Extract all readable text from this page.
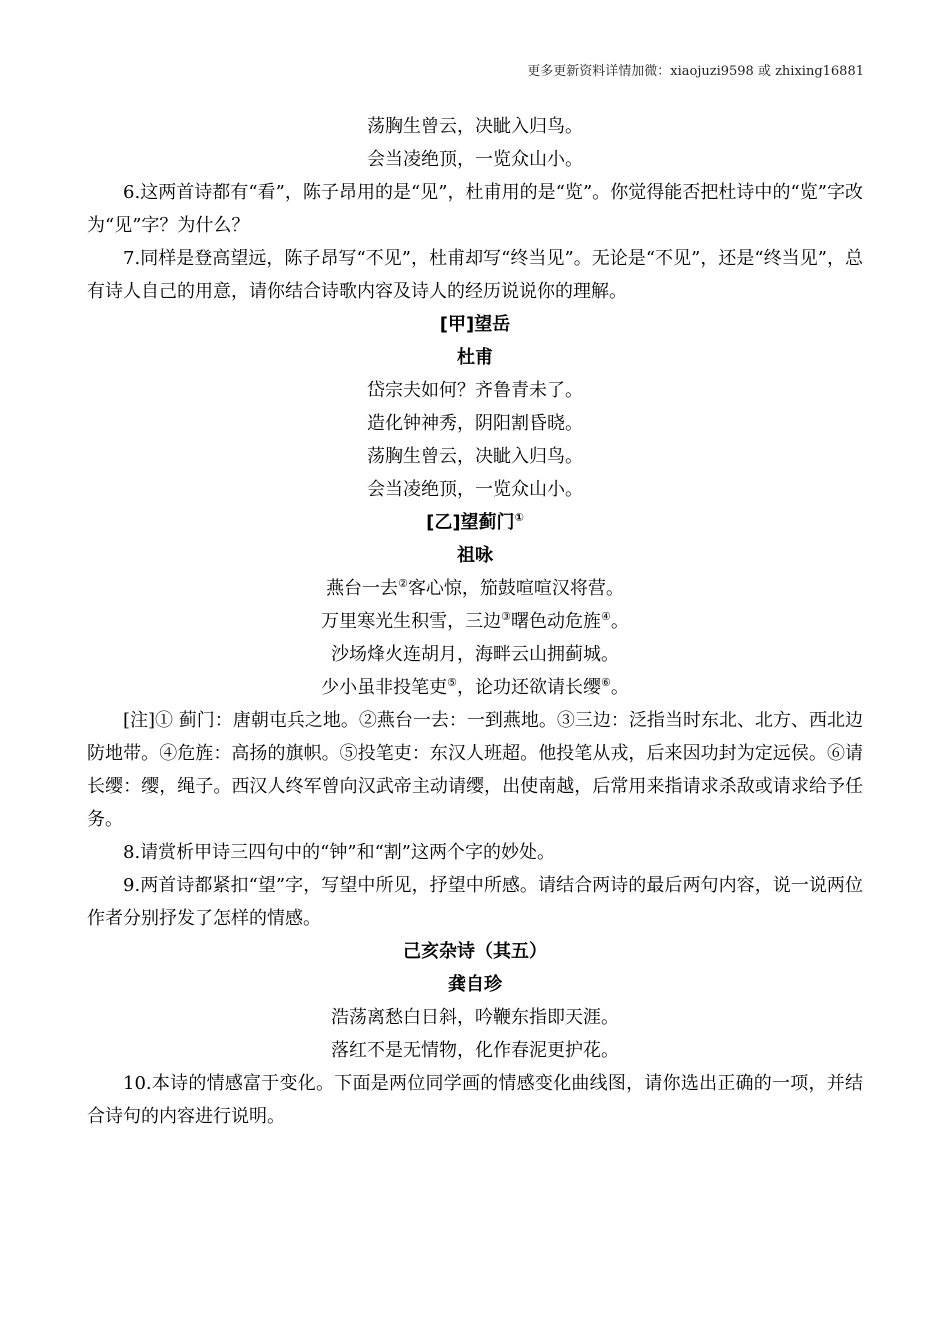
更多更新资料详情加微：xiaojuzi9598 或 zhixing16881
荡胸生曾云，决眦入归鸟。
会当凌绝顶，一览众山小。
6.这两首诗都有“看”，陈子昂用的是“见”，杜甫用的是“览”。你觉得能否把杜诗中的“览”字改为“见”字？为什么？
7.同样是登高望远，陈子昂写“不见”，杜甫却写“终当见”。无论是“不见”，还是“终当见”，总有诗人自己的用意，请你结合诗歌内容及诗人的经历说说你的理解。
[甲]望岳
杜甫
岱宗夫如何？齐鲁青未了。
造化钟神秀，阴阳割昏晓。
荡胸生曾云，决眦入归鸟。
会当凌绝顶，一览众山小。
[乙]望蓟门①
祖咏
燕台一去②客心惊，笳鼓喧喧汉将营。
万里寒光生积雪，三边③曙色动危旌④。
沙场烽火连胡月，海畔云山拥蓟城。
少小虽非投笔吏⑤，论功还欲请长缨⑥。
[注]① 蓟门：唐朝屯兵之地。②燕台一去：一到燕地。③三边：泛指当时东北、北方、西北边防地带。④危旌：高扬的旗帜。⑤投笔吏：东汉人班超。他投笔从戎，后来因功封为定远侯。⑥请长缨：缨，绳子。西汉人终军曾向汉武帝主动请缨，出使南越，后常用来指请求杀敌或请求给予任务。
8.请赏析甲诗三四句中的“钟”和“割”这两个字的妙处。
9.两首诗都紧扣“望”字，写望中所见，抒望中所感。请结合两诗的最后两句内容，说一说两位作者分别抒发了怎样的情感。
己亥杂诗（其五）
龚自珍
浩荡离愁白日斜，吟鞭东指即天涯。
落红不是无情物，化作春泥更护花。
10.本诗的情感富于变化。下面是两位同学画的情感变化曲线图，请你选出正确的一项，并结合诗句的内容进行说明。
